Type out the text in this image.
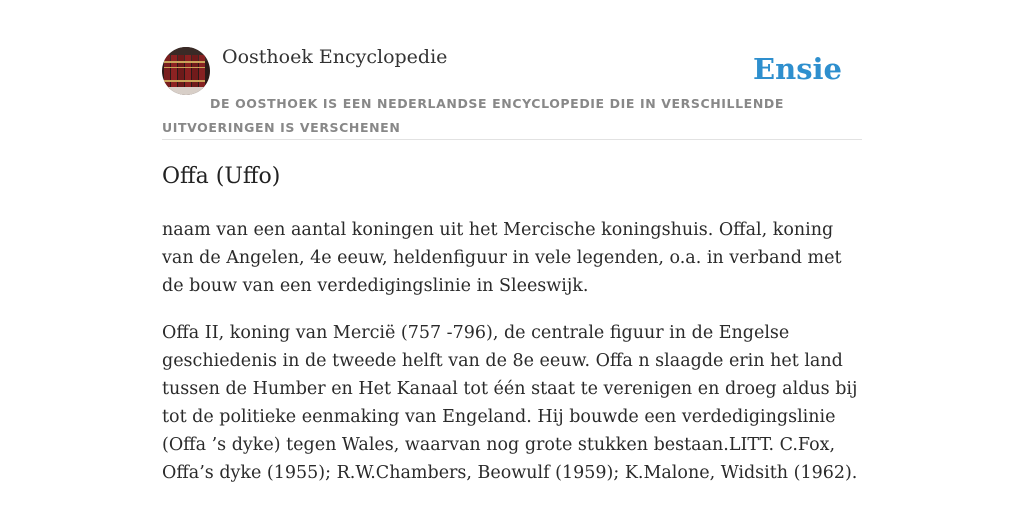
Oosthoek Encyclopedie	Ensie
DE OOSTHOEK IS EEN NEDERLANDSE ENCYCLOPEDIE DIE IN VERSCHILLENDE UITVOERINGEN IS VERSCHENEN
Offa (Uffo)

naam van een aantal koningen uit het Mercische koningshuis. Offal, koning van de Angelen, 4e eeuw, heldenfiguur in vele legenden, o.a. in verband met de bouw van een verdedigingslinie in Sleeswijk.

Offa II, koning van Mercië (757 -796), de centrale figuur in de Engelse geschiedenis in de tweede helft van de 8e eeuw. Offa n slaagde erin het land tussen de Humber en Het Kanaal tot één staat te verenigen en droeg aldus bij tot de politieke eenmaking van Engeland. Hij bouwde een verdedigingslinie (Offa ’s dyke) tegen Wales, waarvan nog grote stukken bestaan.LITT. C.Fox, Offa’s dyke (1955); R.W.Chambers, Beowulf (1959); K.Malone, Widsith (1962).
